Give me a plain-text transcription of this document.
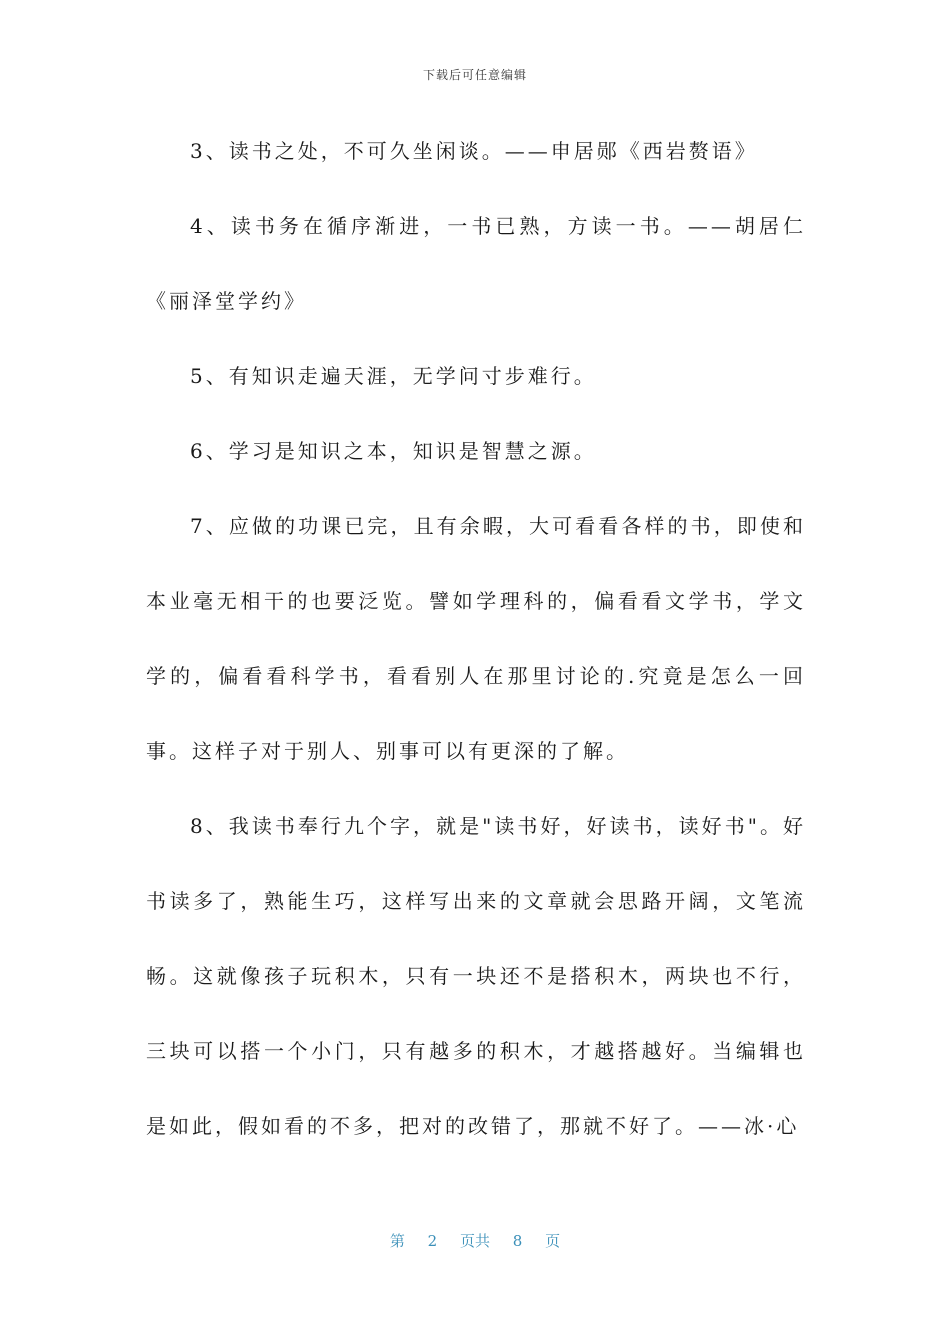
下载后可任意编辑

3、读书之处，不可久坐闲谈。——申居郧《西岩赘语》

4、读书务在循序渐进，一书已熟，方读一书。——胡居仁《丽泽堂学约》

5、有知识走遍天涯，无学问寸步难行。

6、学习是知识之本，知识是智慧之源。

7、应做的功课已完，且有余暇，大可看看各样的书，即使和本业毫无相干的也要泛览。譬如学理科的，偏看看文学书，学文学的，偏看看科学书，看看别人在那里讨论的.究竟是怎么一回事。这样子对于别人、别事可以有更深的了解。

8、我读书奉行九个字，就是"读书好，好读书，读好书"。好书读多了，熟能生巧，这样写出来的文章就会思路开阔，文笔流畅。这就像孩子玩积木，只有一块还不是搭积木，两块也不行，三块可以搭一个小门，只有越多的积木，才越搭越好。当编辑也是如此，假如看的不多，把对的改错了，那就不好了。——冰·心

第 2 页共 8 页
